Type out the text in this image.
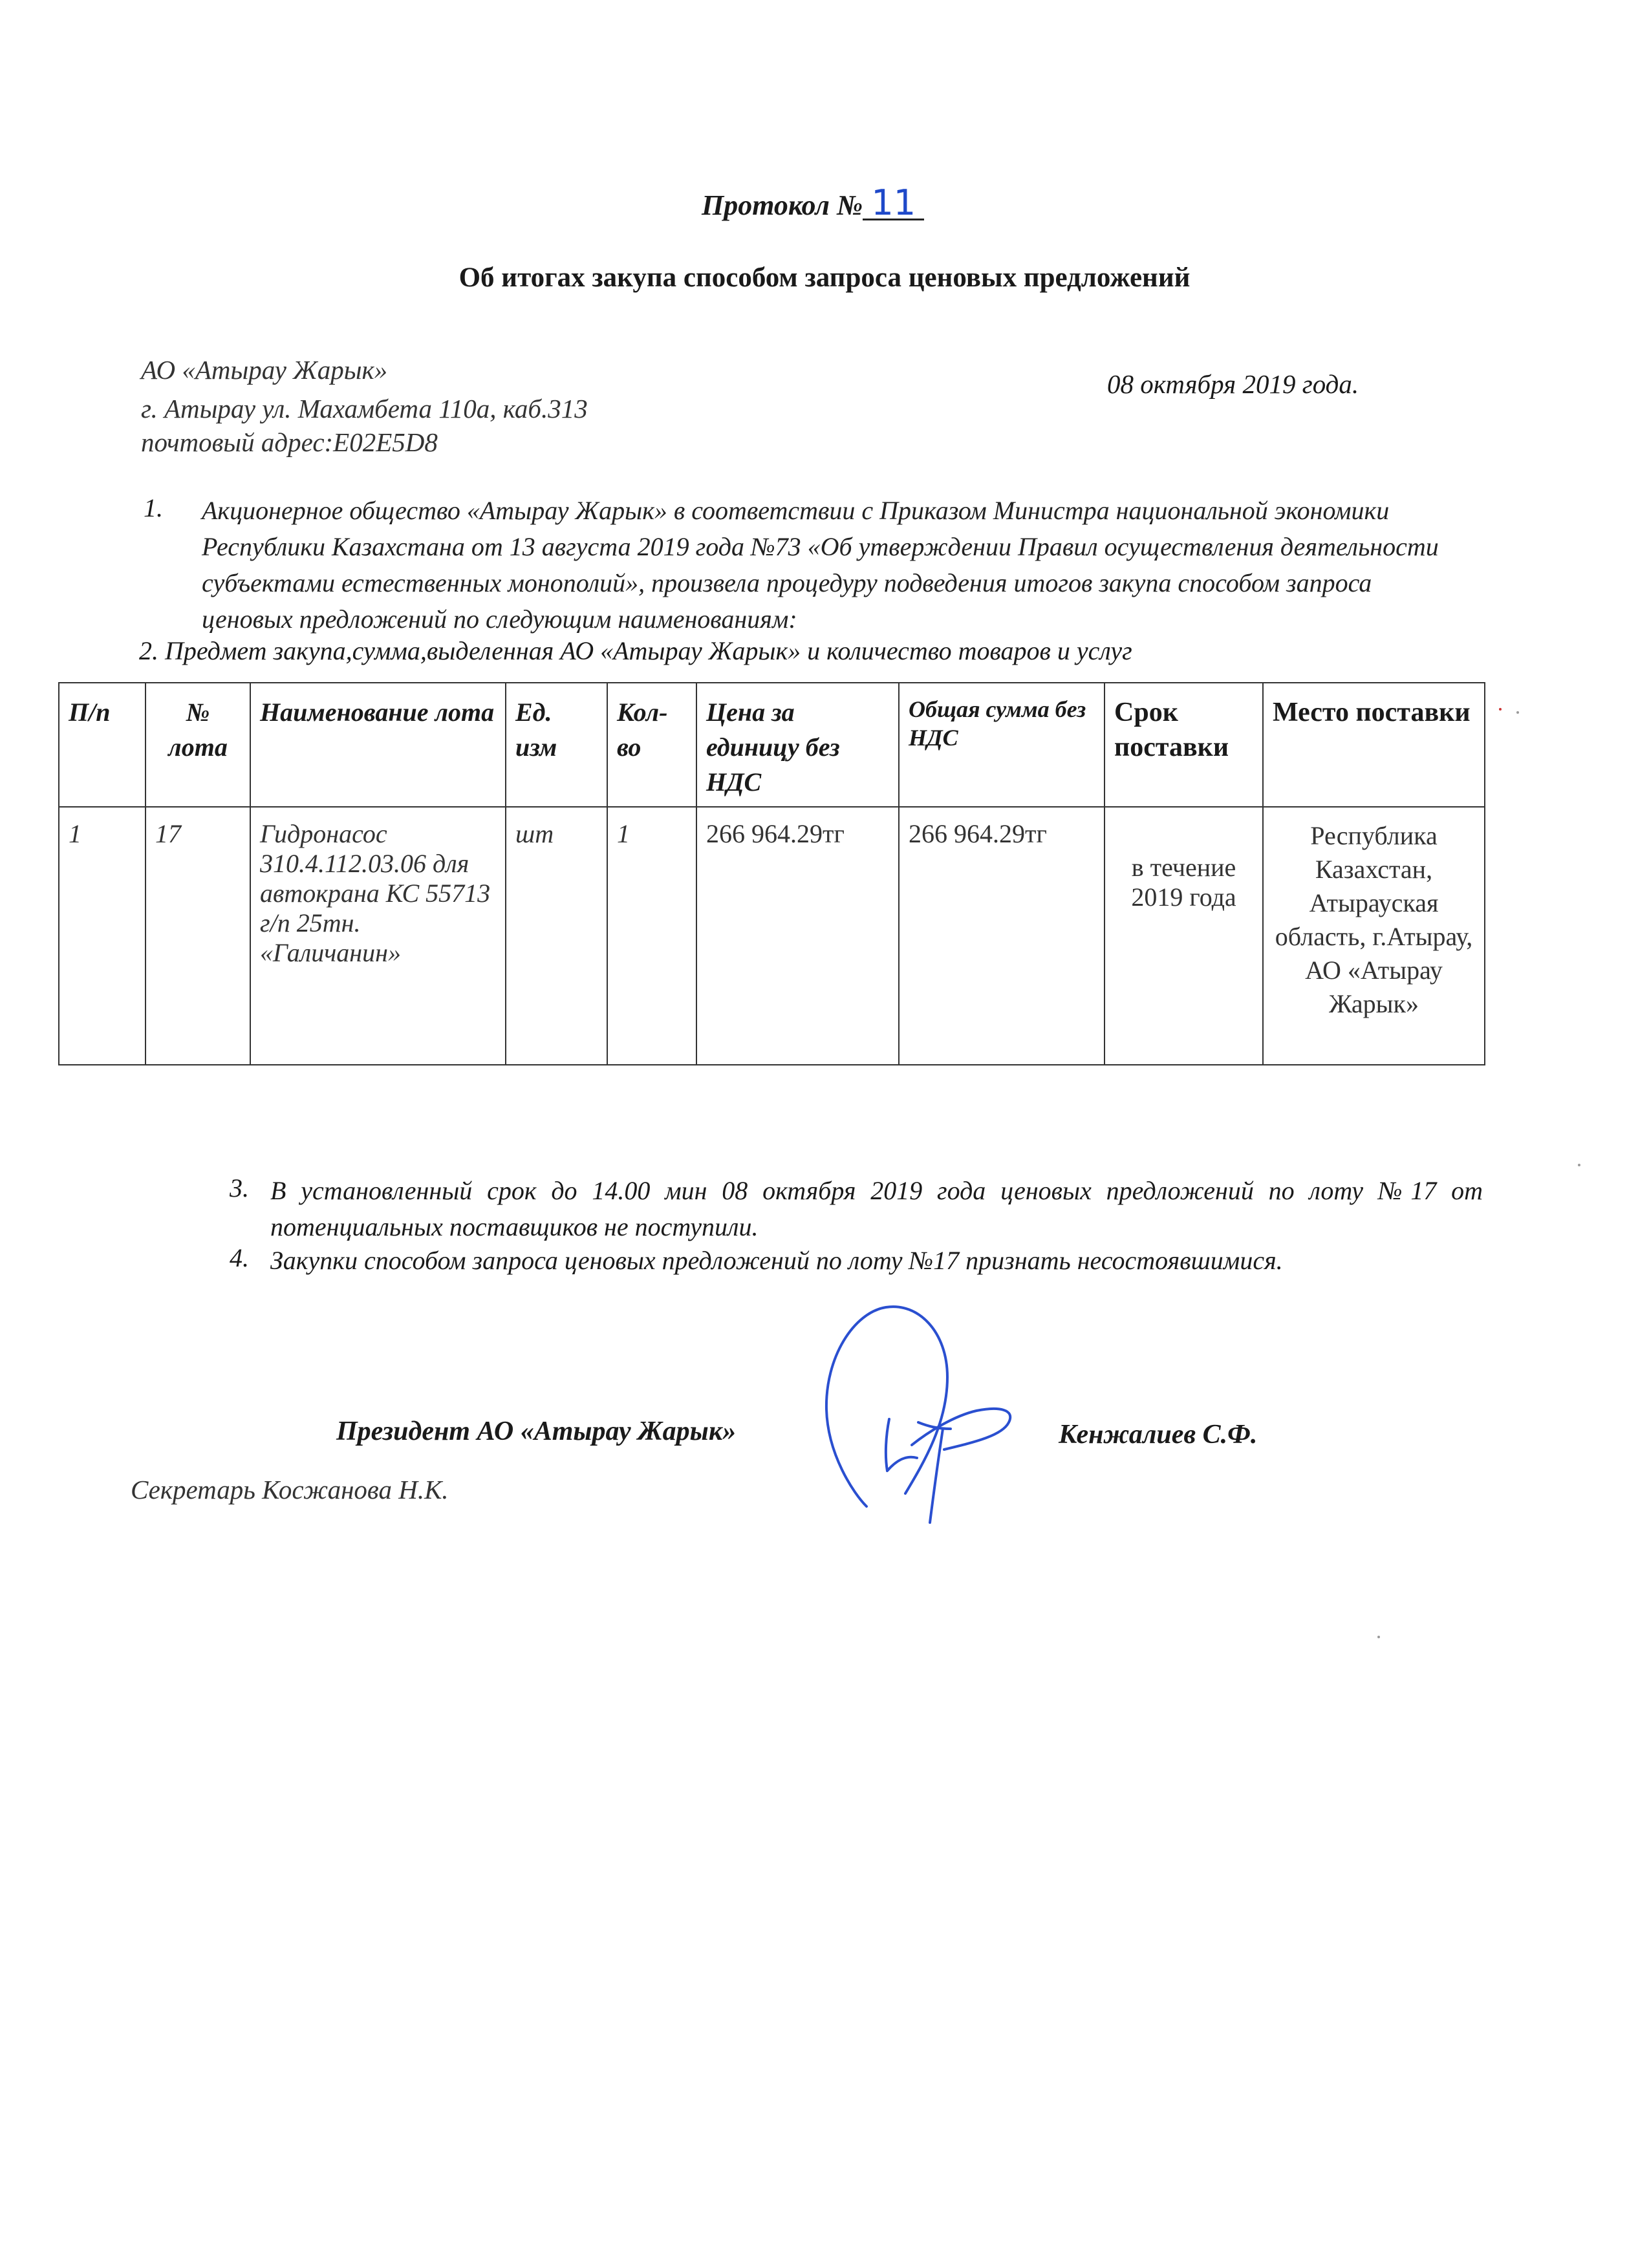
Протокол № 11
Об итогах закупа способом запроса ценовых предложений
АО «Атырау Жарык»
г. Атырау ул. Махамбета 110а, каб.313
почтовый адрес:E02E5D8
08 октября 2019 года.
1. Акционерное общество «Атырау Жарык» в соответствии с Приказом Министра национальной экономики Республики Казахстана от 13 августа 2019 года №73 «Об утверждении Правил осуществления деятельности субъектами естественных монополий», произвела процедуру подведения итогов закупа способом запроса ценовых предложений по следующим наименованиям:
2. Предмет закупа,сумма,выделенная АО «Атырау Жарык» и количество товаров и услуг
П/п	№ лота	Наименование лота	Ед. изм	Кол-во	Цена за единицу без НДС	Общая сумма без НДС	Срок поставки	Место поставки
1	17	Гидронасос 310.4.112.03.06 для автокрана КС 55713 г/п 25тн. «Галичанин»	шт	1	266 964.29тг	266 964.29тг	в течение 2019 года	Республика Казахстан, Атырауская область, г.Атырау, АО «Атырау Жарык»
3. В установленный срок до 14.00 мин 08 октября 2019 года ценовых предложений по лоту №17 от потенциальных поставщиков не поступили.
4. Закупки способом запроса ценовых предложений по лоту №17 признать несостоявшимися.
Президент АО «Атырау Жарык»	Кенжалиев С.Ф.
Секретарь Косжанова Н.К.
